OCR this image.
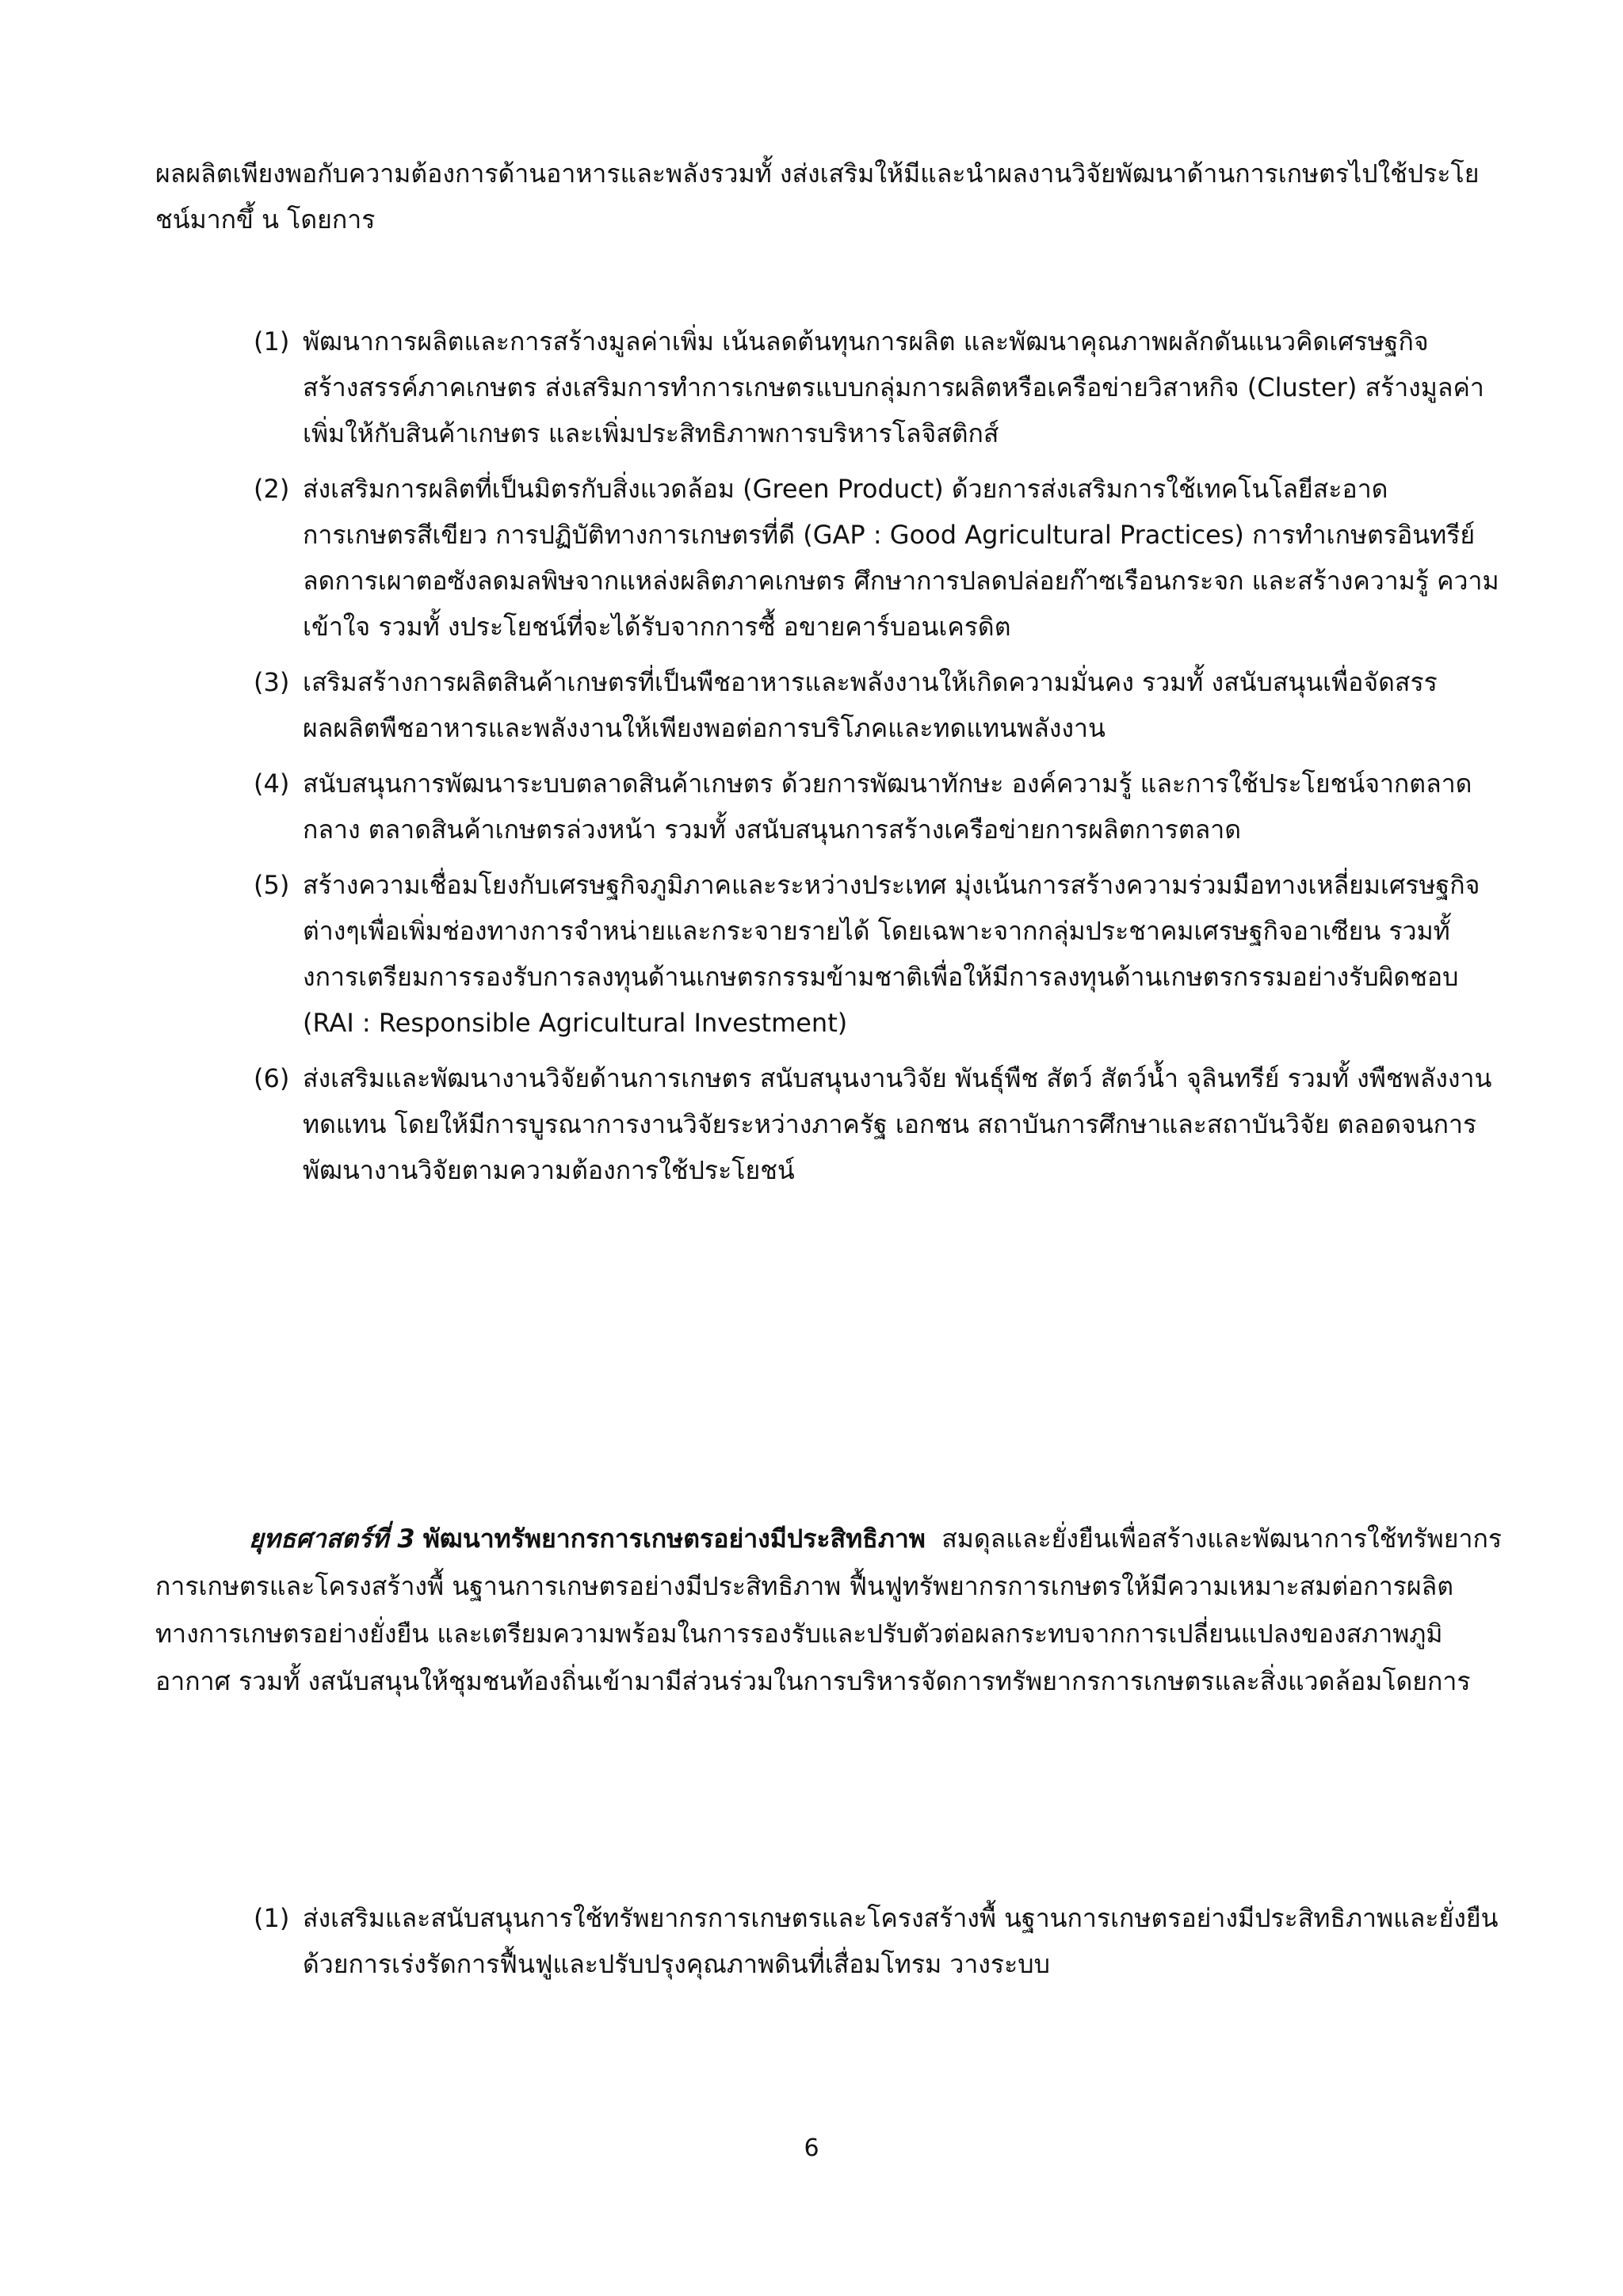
ผลผลิตเพียงพอกับความต้องการด้านอาหารและพลังรวมทั้ งส่งเสริมให้มีและนำผลงานวิจัยพัฒนาด้านการเกษตรไปใช้ประโยชน์มากขึ้ น โดยการ

(1) พัฒนาการผลิตและการสร้างมูลค่าเพิ่ม เน้นลดต้นทุนการผลิต และพัฒนาคุณภาพผลักดันแนวคิดเศรษฐกิจสร้างสรรค์ภาคเกษตร ส่งเสริมการทำการเกษตรแบบกลุ่มการผลิตหรือเครือข่ายวิสาหกิจ (Cluster) สร้างมูลค่าเพิ่มให้กับสินค้าเกษตร และเพิ่มประสิทธิภาพการบริหารโลจิสติกส์
(2) ส่งเสริมการผลิตที่เป็นมิตรกับสิ่งแวดล้อม (Green Product) ด้วยการส่งเสริมการใช้เทคโนโลยีสะอาด การเกษตรสีเขียว การปฏิบัติทางการเกษตรที่ดี (GAP : Good Agricultural Practices) การทำเกษตรอินทรีย์ ลดการเผาตอซังลดมลพิษจากแหล่งผลิตภาคเกษตร ศึกษาการปลดปล่อยก๊าซเรือนกระจก และสร้างความรู้ ความเข้าใจ รวมทั้ งประโยชน์ที่จะได้รับจากการซื้ อขายคาร์บอนเครดิต
(3) เสริมสร้างการผลิตสินค้าเกษตรที่เป็นพืชอาหารและพลังงานให้เกิดความมั่นคง รวมทั้ งสนับสนุนเพื่อจัดสรรผลผลิตพืชอาหารและพลังงานให้เพียงพอต่อการบริโภคและทดแทนพลังงาน
(4) สนับสนุนการพัฒนาระบบตลาดสินค้าเกษตร ด้วยการพัฒนาทักษะ องค์ความรู้ และการใช้ประโยชน์จากตลาดกลาง ตลาดสินค้าเกษตรล่วงหน้า รวมทั้ งสนับสนุนการสร้างเครือข่ายการผลิตการตลาด
(5) สร้างความเชื่อมโยงกับเศรษฐกิจภูมิภาคและระหว่างประเทศ มุ่งเน้นการสร้างความร่วมมือทางเหลี่ยมเศรษฐกิจต่างๆเพื่อเพิ่มช่องทางการจำหน่ายและกระจายรายได้ โดยเฉพาะจากกลุ่มประชาคมเศรษฐกิจอาเซียน รวมทั้ งการเตรียมการรองรับการลงทุนด้านเกษตรกรรมข้ามชาติเพื่อให้มีการลงทุนด้านเกษตรกรรมอย่างรับผิดชอบ (RAI : Responsible Agricultural Investment)
(6) ส่งเสริมและพัฒนางานวิจัยด้านการเกษตร สนับสนุนงานวิจัย พันธุ์พืช สัตว์ สัตว์น้ำ จุลินทรีย์ รวมทั้ งพืชพลังงานทดแทน โดยให้มีการบูรณาการงานวิจัยระหว่างภาครัฐ เอกชน สถาบันการศึกษาและสถาบันวิจัย ตลอดจนการพัฒนางานวิจัยตามความต้องการใช้ประโยชน์

ยุทธศาสตร์ที่ 3 พัฒนาทรัพยากรการเกษตรอย่างมีประสิทธิภาพ สมดุลและยั่งยืนเพื่อสร้างและพัฒนาการใช้ทรัพยากรการเกษตรและโครงสร้างพื้ นฐานการเกษตรอย่างมีประสิทธิภาพ ฟื้นฟูทรัพยากรการเกษตรให้มีความเหมาะสมต่อการผลิตทางการเกษตรอย่างยั่งยืน และเตรียมความพร้อมในการรองรับและปรับตัวต่อผลกระทบจากการเปลี่ยนแปลงของสภาพภูมิอากาศ รวมทั้ งสนับสนุนให้ชุมชนท้องถิ่นเข้ามามีส่วนร่วมในการบริหารจัดการทรัพยากรการเกษตรและสิ่งแวดล้อมโดยการ

(1) ส่งเสริมและสนับสนุนการใช้ทรัพยากรการเกษตรและโครงสร้างพื้ นฐานการเกษตรอย่างมีประสิทธิภาพและยั่งยืน ด้วยการเร่งรัดการฟื้นฟูและปรับปรุงคุณภาพดินที่เสื่อมโทรม วางระบบ
6
